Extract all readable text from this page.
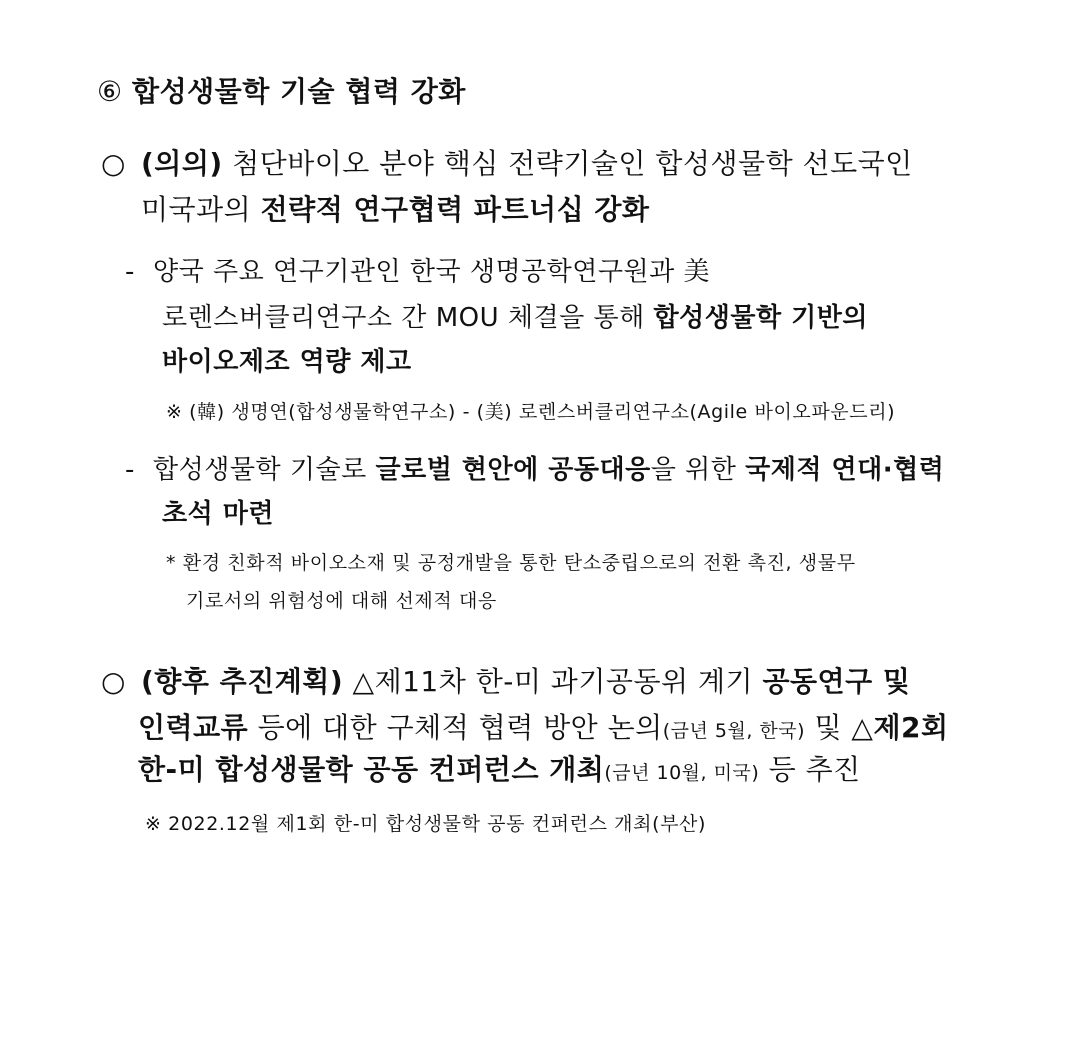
⑥ 합성생물학 기술 협력 강화
○ (의의) 첨단바이오 분야 핵심 전략기술인 합성생물학 선도국인
미국과의 전략적 연구협력 파트너십 강화
- 양국 주요 연구기관인 한국 생명공학연구원과 美
로렌스버클리연구소 간 MOU 체결을 통해 합성생물학 기반의
바이오제조 역량 제고
※ (韓) 생명연(합성생물학연구소) - (美) 로렌스버클리연구소(Agile 바이오파운드리)
- 합성생물학 기술로 글로벌 현안에 공동대응을 위한 국제적 연대·협력
초석 마련
* 환경 친화적 바이오소재 및 공정개발을 통한 탄소중립으로의 전환 촉진, 생물무
기로서의 위험성에 대해 선제적 대응
○ (향후 추진계획) △제11차 한-미 과기공동위 계기 공동연구 및
인력교류 등에 대한 구체적 협력 방안 논의(금년 5월, 한국) 및 △제2회
한-미 합성생물학 공동 컨퍼런스 개최(금년 10월, 미국) 등 추진
※ 2022.12월 제1회 한-미 합성생물학 공동 컨퍼런스 개최(부산)
